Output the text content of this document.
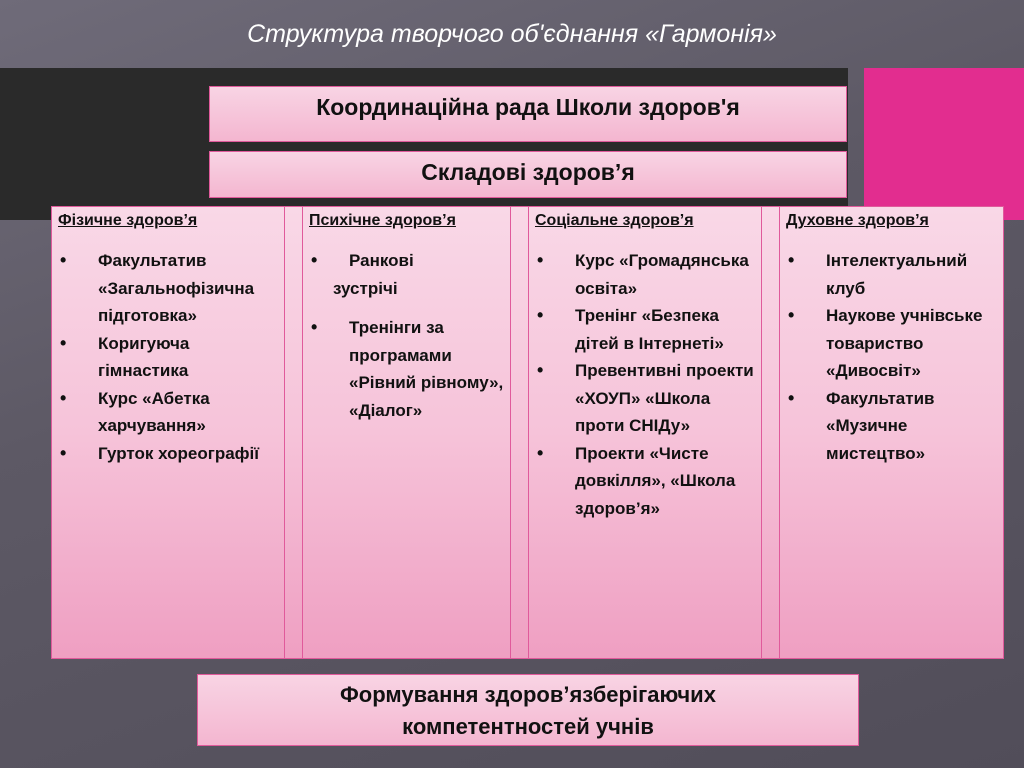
Структура творчого об'єднання «Гармонія»
Координаційна рада Школи здоров'я
Складові здоров’я
Фізичне здоров’я
• Факультатив «Загальнофізична підготовка»
• Коригуюча гімнастика
• Курс «Абетка харчування»
• Гурток хореографії
Психічне здоров’я
• Ранкові
зустрічі
• Тренінги за програмами «Рівний рівному», «Діалог»
Соціальне здоров’я
• Курс «Громадянська освіта»
• Тренінг «Безпека дітей в Інтернеті»
• Превентивні проекти «ХОУП» «Школа проти СНІДу»
• Проекти «Чисте довкілля», «Школа здоров’я»
Духовне здоров’я
• Інтелектуальний клуб
• Наукове учнівське товариство «Дивосвіт»
• Факультатив «Музичне мистецтво»
Формування здоров’язберігаючих
компетентностей учнів
